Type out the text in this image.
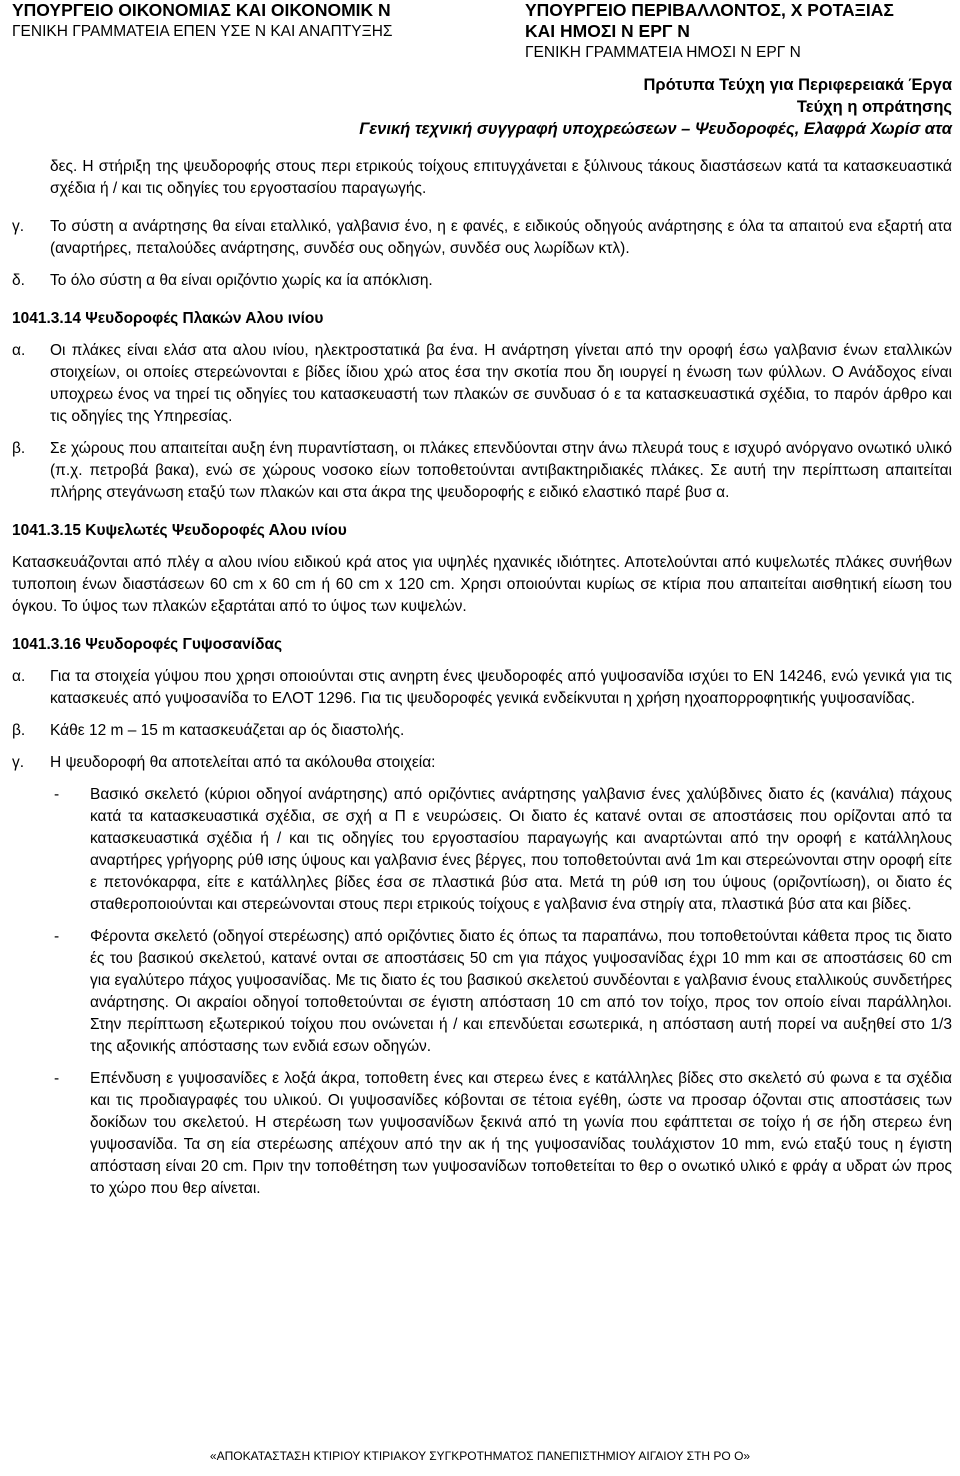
ΥΠΟΥΡΓΕΙΟ ΟΙΚΟΝΟΜΙΑΣ ΚΑΙ ΟΙΚΟΝΟΜΙΚ Ν
ΓΕΝΙΚΗ ΓΡΑΜΜΑΤΕΙΑ ΕΠΕΝ ΥΣΕ Ν ΚΑΙ ΑΝΑΠΤΥΞΗΣ
ΥΠΟΥΡΓΕΙΟ ΠΕΡΙΒΑΛΛΟΝΤΟΣ, Χ ΡΟΤΑΞΙΑΣ
ΚΑΙ ΗΜΟΣΙ Ν ΕΡΓ Ν
ΓΕΝΙΚΗ ΓΡΑΜΜΑΤΕΙΑ ΗΜΟΣΙ Ν ΕΡΓ Ν
Πρότυπα Τεύχη για Περιφερειακά Έργα
Τεύχη η οπράτησης
Γενική τεχνική συγγραφή υποχρεώσεων – Ψευδοροφές, Ελαφρά Χωρίσ ατα
δες. Η στήριξη της ψευδοροφής στους περι ετρικούς τοίχους επιτυγχάνεται ε ξύλινους τάκους διαστάσεων κατά τα κατασκευαστικά σχέδια ή / και τις οδηγίες του εργοστασίου παραγωγής.
γ. Το σύστη α ανάρτησης θα είναι εταλλικό, γαλβανισ ένο, η ε φανές, ε ειδικούς οδηγούς ανάρτησης ε όλα τα απαιτού ενα εξαρτή ατα (αναρτήρες, πεταλούδες ανάρτησης, συνδέσ ους οδηγών, συνδέσ ους λωρίδων κτλ).
δ. Το όλο σύστη α θα είναι οριζόντιο χωρίς κα ία απόκλιση.
1041.3.14 Ψευδοροφές Πλακών Αλου ινίου
α. Οι πλάκες είναι ελάσ ατα αλου ινίου, ηλεκτροστατικά βα ένα. Η ανάρτηση γίνεται από την οροφή έσω γαλβανισ ένων εταλλικών στοιχείων, οι οποίες στερεώνονται ε βίδες ίδιου χρώ ατος έσα την σκοτία που δη ιουργεί η ένωση των φύλλων. Ο Ανάδοχος είναι υποχρεω ένος να τηρεί τις οδηγίες του κατασκευαστή των πλακών σε συνδυασ ό ε τα κατασκευαστικά σχέδια, το παρόν άρθρο και τις οδηγίες της Υπηρεσίας.
β. Σε χώρους που απαιτείται αυξη ένη πυραντίσταση, οι πλάκες επενδύονται στην άνω πλευρά τους ε ισχυρό ανόργανο ονωτικό υλικό (π.χ. πετροβά βακα), ενώ σε χώρους νοσοκο είων τοποθετούνται αντιβακτηριδιακές πλάκες. Σε αυτή την περίπτωση απαιτείται πλήρης στεγάνωση εταξύ των πλακών και στα άκρα της ψευδοροφής ε ειδικό ελαστικό παρέ βυσ α.
1041.3.15 Κυψελωτές Ψευδοροφές Αλου ινίου
Κατασκευάζονται από πλέγ α αλου ινίου ειδικού κρά ατος για υψηλές ηχανικές ιδιότητες. Αποτελούνται από κυψελωτές πλάκες συνήθων τυποποιη ένων διαστάσεων 60 cm x 60 cm ή 60 cm x 120 cm. Χρησι οποιούνται κυρίως σε κτίρια που απαιτείται αισθητική είωση του όγκου. Το ύψος των πλακών εξαρτάται από το ύψος των κυψελών.
1041.3.16 Ψευδοροφές Γυψοσανίδας
α. Για τα στοιχεία γύψου που χρησι οποιούνται στις ανηρτη ένες ψευδοροφές από γυψοσανίδα ισχύει το ΕΝ 14246, ενώ γενικά για τις κατασκευές από γυψοσανίδα το ΕΛΟΤ 1296. Για τις ψευδοροφές γενικά ενδείκνυται η χρήση ηχοαπορροφητικής γυψοσανίδας.
β. Κάθε 12 m – 15 m κατασκευάζεται αρ ός διαστολής.
γ. Η ψευδοροφή θα αποτελείται από τα ακόλουθα στοιχεία:
- Βασικό σκελετό (κύριοι οδηγοί ανάρτησης) από οριζόντιες ανάρτησης γαλβανισ ένες χαλύβδινες διατο ές (κανάλια) πάχους κατά τα κατασκευαστικά σχέδια, σε σχή α Π ε νευρώσεις. Οι διατο ές κατανέ ονται σε αποστάσεις που ορίζονται από τα κατασκευαστικά σχέδια ή / και τις οδηγίες του εργοστασίου παραγωγής και αναρτώνται από την οροφή ε κατάλληλους αναρτήρες γρήγορης ρύθ ισης ύψους και γαλβανισ ένες βέργες, που τοποθετούνται ανά 1m και στερεώνονται στην οροφή είτε ε πετονόκαρφα, είτε ε κατάλληλες βίδες έσα σε πλαστικά βύσ ατα. Μετά τη ρύθ ιση του ύψους (οριζοντίωση), οι διατο ές σταθεροποιούνται και στερεώνονται στους περι ετρικούς τοίχους ε γαλβανισ ένα στηρίγ ατα, πλαστικά βύσ ατα και βίδες.
- Φέροντα σκελετό (οδηγοί στερέωσης) από οριζόντιες διατο ές όπως τα παραπάνω, που τοποθετούνται κάθετα προς τις διατο ές του βασικού σκελετού, κατανέ ονται σε αποστάσεις 50 cm για πάχος γυψοσανίδας έχρι 10 mm και σε αποστάσεις 60 cm για εγαλύτερο πάχος γυψοσανίδας. Με τις διατο ές του βασικού σκελετού συνδέονται ε γαλβανισ ένους εταλλικούς συνδετήρες ανάρτησης. Οι ακραίοι οδηγοί τοποθετούνται σε έγιστη απόσταση 10 cm από τον τοίχο, προς τον οποίο είναι παράλληλοι. Στην περίπτωση εξωτερικού τοίχου που ονώνεται ή / και επενδύεται εσωτερικά, η απόσταση αυτή πορεί να αυξηθεί στο 1/3 της αξονικής απόστασης των ενδιά εσων οδηγών.
- Επένδυση ε γυψοσανίδες ε λοξά άκρα, τοποθετη ένες και στερεω ένες ε κατάλληλες βίδες στο σκελετό σύ φωνα ε τα σχέδια και τις προδιαγραφές του υλικού. Οι γυψοσανίδες κόβονται σε τέτοια εγέθη, ώστε να προσαρ όζονται στις αποστάσεις των δοκίδων του σκελετού. Η στερέωση των γυψοσανίδων ξεκινά από τη γωνία που εφάπτεται σε τοίχο ή σε ήδη στερεω ένη γυψοσανίδα. Τα ση εία στερέωσης απέχουν από την ακ ή της γυψοσανίδας τουλάχιστον 10 mm, ενώ εταξύ τους η έγιστη απόσταση είναι 20 cm. Πριν την τοποθέτηση των γυψοσανίδων τοποθετείται το θερ ο ονωτικό υλικό ε φράγ α υδρατ ών προς το χώρο που θερ αίνεται.
«ΑΠΟΚΑΤΑΣΤΑΣΗ ΚΤΙΡΙΟΥ ΚΤΙΡΙΑΚΟΥ ΣΥΓΚΡΟΤΗΜΑΤΟΣ ΠΑΝΕΠΙΣΤΗΜΙΟΥ ΑΙΓΑΙΟΥ ΣΤΗ ΡΟ Ο»
